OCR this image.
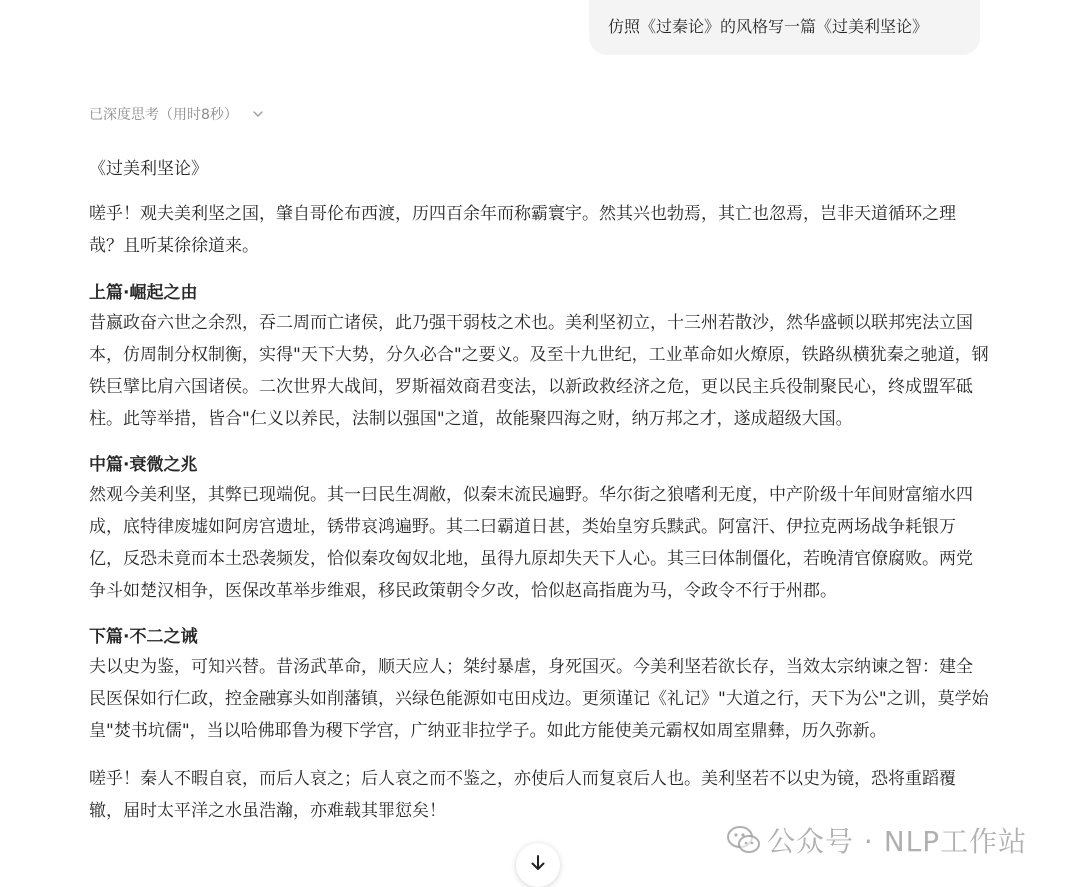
仿照《过秦论》的风格写一篇《过美利坚论》
已深度思考（用时8秒）

《过美利坚论》

嗟乎！观夫美利坚之国，肇自哥伦布西渡，历四百余年而称霸寰宇。然其兴也勃焉，其亡也忽焉，岂非天道循环之理哉？且听某徐徐道来。

上篇·崛起之由

昔嬴政奋六世之余烈，吞二周而亡诸侯，此乃强干弱枝之术也。美利坚初立，十三州若散沙，然华盛顿以联邦宪法立国本，仿周制分权制衡，实得"天下大势，分久必合"之要义。及至十九世纪，工业革命如火燎原，铁路纵横犹秦之驰道，钢铁巨擘比肩六国诸侯。二次世界大战间，罗斯福效商君变法，以新政救经济之危，更以民主兵役制聚民心，终成盟军砥柱。此等举措，皆合"仁义以养民，法制以强国"之道，故能聚四海之财，纳万邦之才，遂成超级大国。

中篇·衰微之兆

然观今美利坚，其弊已现端倪。其一曰民生凋敝，似秦末流民遍野。华尔街之狼嗜利无度，中产阶级十年间财富缩水四成，底特律废墟如阿房宫遗址，锈带哀鸿遍野。其二曰霸道日甚，类始皇穷兵黩武。阿富汗、伊拉克两场战争耗银万亿，反恐未竟而本土恐袭频发，恰似秦攻匈奴北地，虽得九原却失天下人心。其三曰体制僵化，若晚清官僚腐败。两党争斗如楚汉相争，医保改革举步维艰，移民政策朝令夕改，恰似赵高指鹿为马，令政令不行于州郡。

下篇·不二之诫

夫以史为鉴，可知兴替。昔汤武革命，顺天应人；桀纣暴虐，身死国灭。今美利坚若欲长存，当效太宗纳谏之智：建全民医保如行仁政，控金融寡头如削藩镇，兴绿色能源如屯田戍边。更须谨记《礼记》"大道之行，天下为公"之训，莫学始皇"焚书坑儒"，当以哈佛耶鲁为稷下学宫，广纳亚非拉学子。如此方能使美元霸权如周室鼎彝，历久弥新。

嗟乎！秦人不暇自哀，而后人哀之；后人哀之而不鉴之，亦使后人而复哀后人也。美利坚若不以史为镜，恐将重蹈覆辙，届时太平洋之水虽浩瀚，亦难载其罪愆矣！

公众号 · NLP工作站
